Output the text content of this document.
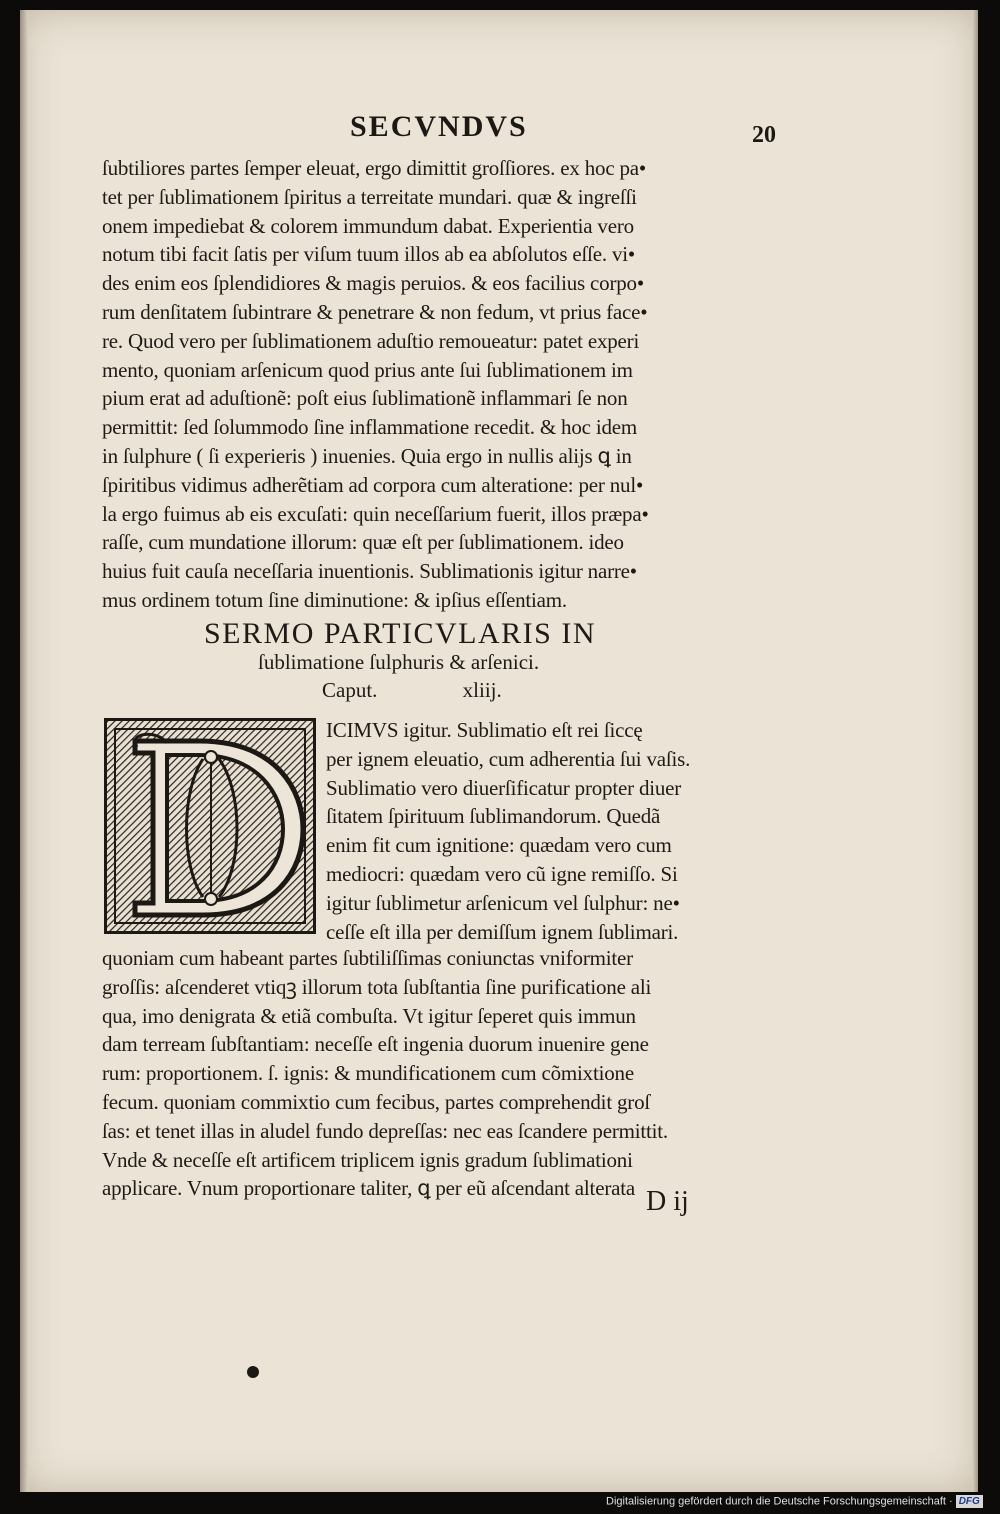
SECVNDVS	20
ſubtiliores partes ſemper eleuat, ergo dimittit groſſiores. ex hoc pa•
tet per ſublimationem ſpiritus a terreitate mundari. quæ & ingreſſi
onem impediebat & colorem immundum dabat. Experientia vero
notum tibi facit ſatis per viſum tuum illos ab ea abſolutos eſſe. vi•
des enim eos ſplendidiores & magis peruios. & eos facilius corpo•
rum denſitatem ſubintrare & penetrare & non fedum, vt prius face•
re. Quod vero per ſublimationem aduſtio remoueatur: patet experi
mento, quoniam arſenicum quod prius ante ſui ſublimationem im
pium erat ad aduſtionẽ: poſt eius ſublimationẽ inflammari ſe non
permittit: ſed ſolummodo ſine inflammatione recedit. & hoc idem
in ſulphure ( ſi experieris ) inuenies. Quia ergo in nullis alijs ꝗ in
ſpiritibus vidimus adherẽtiam ad corpora cum alteratione: per nul•
la ergo fuimus ab eis excuſati: quin neceſſarium fuerit, illos præpa•
raſſe, cum mundatione illorum: quæ eſt per ſublimationem. ideo
huius fuit cauſa neceſſaria inuentionis. Sublimationis igitur narre•
mus ordinem totum ſine diminutione: & ipſius eſſentiam.
SERMO PARTICVLARIS IN
ſublimatione ſulphuris & arſenici.
Caput.	xliij.
ICIMVS igitur. Sublimatio eſt rei ſiccę
per ignem eleuatio, cum adherentia ſui vaſis.
Sublimatio vero diuerſificatur propter diuer
ſitatem ſpirituum ſublimandorum. Quedã
enim fit cum ignitione: quædam vero cum
mediocri: quædam vero cũ igne remiſſo. Si
igitur ſublimetur arſenicum vel ſulphur: ne•
ceſſe eſt illa per demiſſum ignem ſublimari.
quoniam cum habeant partes ſubtiliſſimas coniunctas vniformiter
groſſis: aſcenderet vtiqꝫ illorum tota ſubſtantia ſine purificatione ali
qua, imo denigrata & etiã combuſta. Vt igitur ſeperet quis immun
dam terream ſubſtantiam: neceſſe eſt ingenia duorum inuenire gene
rum: proportionem. ſ. ignis: & mundificationem cum cõmixtione
fecum. quoniam commixtio cum fecibus, partes comprehendit groſ
ſas: et tenet illas in aludel fundo depreſſas: nec eas ſcandere permittit.
Vnde & neceſſe eſt artificem triplicem ignis gradum ſublimationi
applicare. Vnum proportionare taliter, ꝗ per eũ aſcendant alterata D ij
Digitalisierung gefördert durch die Deutsche Forschungsgemeinschaft · DFG
